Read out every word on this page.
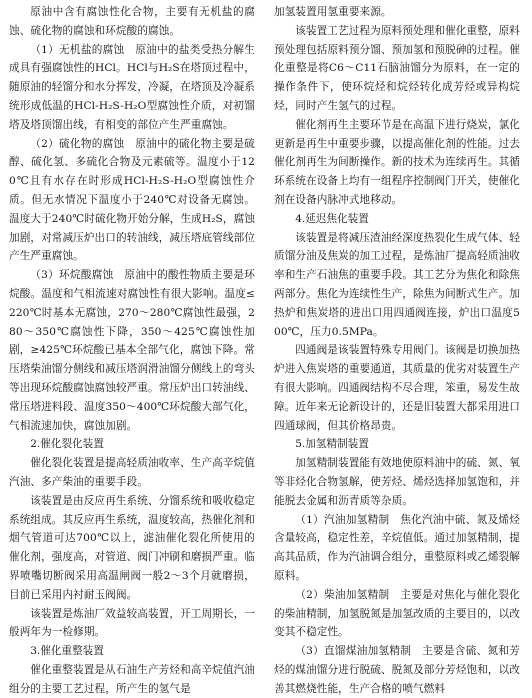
原油中含有腐蚀性化合物，主要有无机盐的腐蚀、硫化物的腐蚀和环烷酸的腐蚀。

（1）无机盐的腐蚀　原油中的盐类受热分解生成具有强腐蚀性的HCl。HCl与H₂S在塔顶过程中，随原油的轻馏分和水分挥发，冷凝，在塔顶及冷凝系统形成低温的HCl-H₂S-H₂O型腐蚀性介质，对初馏塔及塔顶馏出线，有相变的部位产生严重腐蚀。

（2）硫化物的腐蚀　原油中的硫化物主要是硫醇、硫化氢、多硫化合物及元素硫等。温度小于120℃且有水存在时形成HCl-H₂S-H₂O型腐蚀性介质。但无水情况下温度小于240℃对设备无腐蚀。温度大于240℃时硫化物开始分解，生成H₂S，腐蚀加剧，对常减压炉出口的转油线，减压塔底管线部位产生严重腐蚀。

（3）环烷酸腐蚀　原油中的酸性物质主要是环烷酸。温度和气相流速对腐蚀性有很大影响。温度≤220℃时基本无腐蚀，270～280℃腐蚀性最强，280～350℃腐蚀性下降，350～425℃腐蚀性加剧，≥425℃环烷酸已基本全部气化，腐蚀下降。常压塔柴油馏分侧线和减压塔润滑油馏分侧线上的弯头等出现环烷酸腐蚀腐蚀较严重。常压炉出口转油线、常压塔进料段、温度350～400℃环烷酸大部气化，气相流速加快，腐蚀加剧。

2.催化裂化装置

催化裂化装置是提高轻质油收率、生产高辛烷值汽油、多产柴油的重要手段。

该装置是由反应再生系统、分馏系统和吸收稳定系统组成。其反应再生系统，温度较高，热催化剂和烟气管道可达700℃以上，滤油催化裂化所使用的催化剂，强度高，对管道、阀门冲刷和磨损严重。临界喷嘴切断阀采用高温闸阀一般2～3个月就磨损，目前已采用内衬耐玉阀阀。

该装置是炼油厂效益较高装置，开工周期长，一般两年为一检修期。

3.催化重整装置

催化重整装置是从石油生产芳烃和高辛烷值汽油组分的主要工艺过程，所产生的氢气是

加氢装置用氢重要来源。

该装置工艺过程为原料预处理和催化重整，原料预处理包括原料预分馏、预加氢和预脱砷的过程。催化重整是将C6～C11石脑油馏分为原料，在一定的操作条件下，使环烷烃和烷烃转化成芳烃或异构烷烃，同时产生氢气的过程。

催化剂再生主要环节是在高温下进行烧炭，氯化更新是再生中重要步骤，以提高催化剂的性能。过去催化剂再生为间断操作。新的技术为连续再生。其循环系统在设备上均有一组程序控制阀门开关，使催化剂在设备内脉冲式地移动。

4.延迟焦化装置

该装置是将减压渣油经深度热裂化生成气体、轻质馏分油及焦炭的加工过程，是炼油厂提高轻质油收率和生产石油焦的重要手段。其工艺分为焦化和除焦两部分。焦化为连续性生产，除焦为间断式生产。加热炉和焦炭塔的进出口用四通阀连接，炉出口温度500℃，压力0.5MPa。

四通阀是该装置特殊专用阀门。该阀是切换加热炉进入焦炭塔的重要通道，其质量的优劣对装置生产有很大影响。四通阀结构不尽合理，笨重，易发生故障。近年来无论新设计的，还是旧装置大都采用进口四通球阀，但其价格昂贵。

5.加氢精制装置

加氢精制装置能有效地使原料油中的硫、氮、氧等非烃化合物氢解，使芳烃、烯烃选择加氢饱和，并能脱去金属和沥青质等杂质。

（1）汽油加氢精制　焦化汽油中硫、氮及烯烃含量较高，稳定性差，辛烷值低。通过加氢精制，提高其品质，作为汽油调合组分，重整原料或乙烯裂解原料。

（2）柴油加氢精制　主要是对焦化与催化裂化的柴油精制，加氢脱氮是加氢改质的主要目的，以改变其不稳定性。

（3）直馏煤油加氢精制　主要是含硫、氮和芳烃的煤油馏分进行脱硫、脱氮及部分芳烃饱和，以改善其燃烧性能，生产合格的喷气燃料
